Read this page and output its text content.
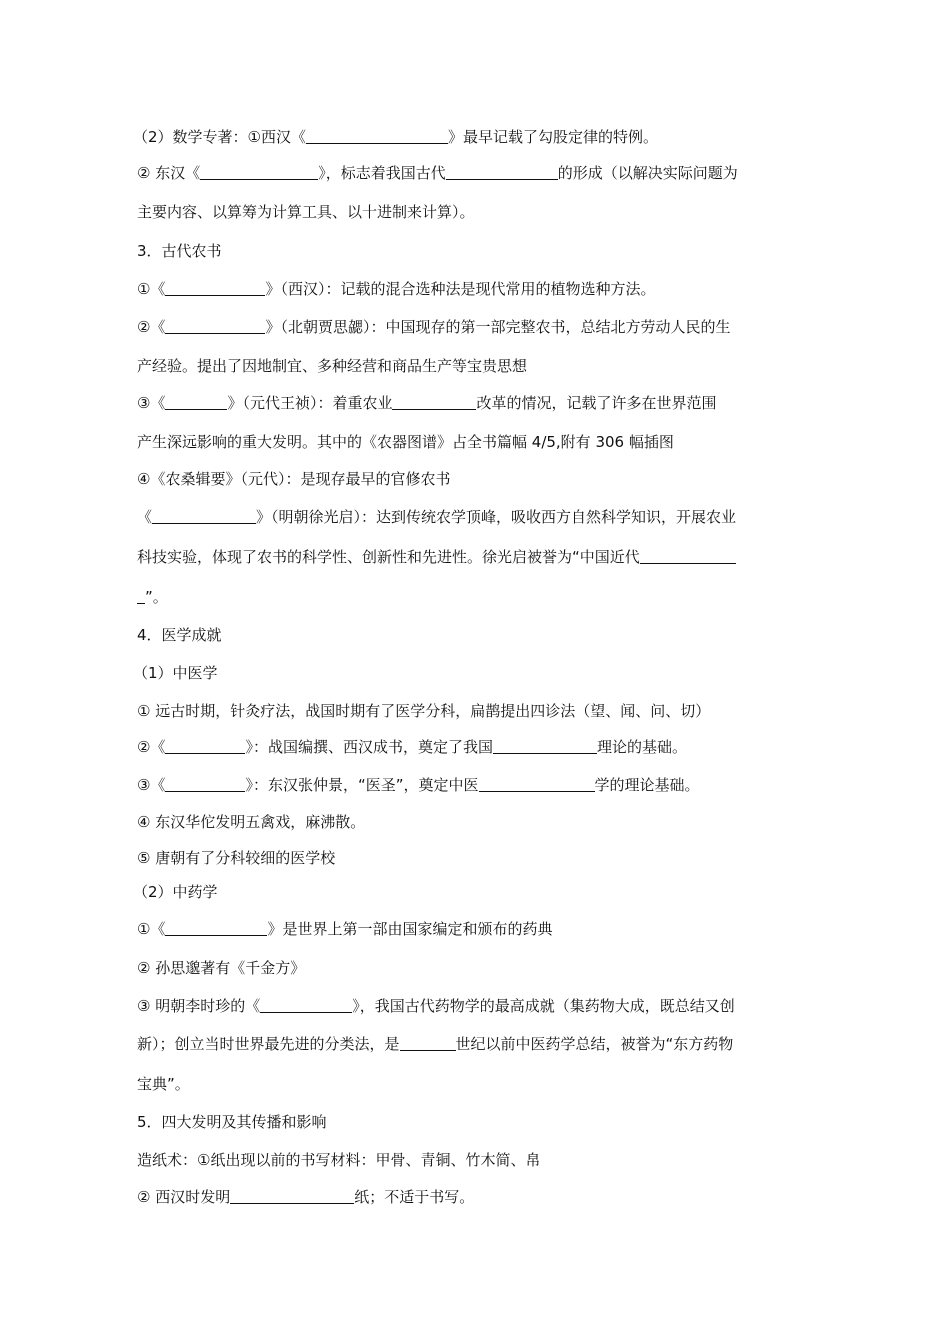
（2）数学专著：①西汉《	》最早记载了勾股定律的特例。
② 东汉《	》，标志着我国古代	的形成（以解决实际问题为
主要内容、以算筹为计算工具、以十进制来计算）。
3．古代农书
①《	》（西汉）：记载的混合选种法是现代常用的植物选种方法。
②《	》（北朝贾思勰）：中国现存的第一部完整农书，总结北方劳动人民的生
产经验。提出了因地制宜、多种经营和商品生产等宝贵思想
③《	》（元代王祯）：着重农业	改革的情况，记载了许多在世界范围
产生深远影响的重大发明。其中的《农器图谱》占全书篇幅 4/5,附有 306 幅插图
④《农桑辑要》（元代）：是现存最早的官修农书
《	》（明朝徐光启）：达到传统农学顶峰，吸收西方自然科学知识，开展农业
科技实验，体现了农书的科学性、创新性和先进性。徐光启被誉为“中国近代
”。
4．医学成就
（1）中医学
① 远古时期，针灸疗法，战国时期有了医学分科，扁鹊提出四诊法（望、闻、问、切）
②《	》：战国编撰、西汉成书，奠定了我国	理论的基础。
③《	》：东汉张仲景，“医圣”，奠定中医	学的理论基础。
④ 东汉华佗发明五禽戏，麻沸散。
⑤ 唐朝有了分科较细的医学校
（2）中药学
①《	》是世界上第一部由国家编定和颁布的药典
② 孙思邈著有《千金方》
③ 明朝李时珍的《	》，我国古代药物学的最高成就（集药物大成，既总结又创
新）；创立当时世界最先进的分类法，是	世纪以前中医药学总结，被誉为“东方药物
宝典”。
5．四大发明及其传播和影响
造纸术：①纸出现以前的书写材料：甲骨、青铜、竹木简、帛
② 西汉时发明	纸；不适于书写。
